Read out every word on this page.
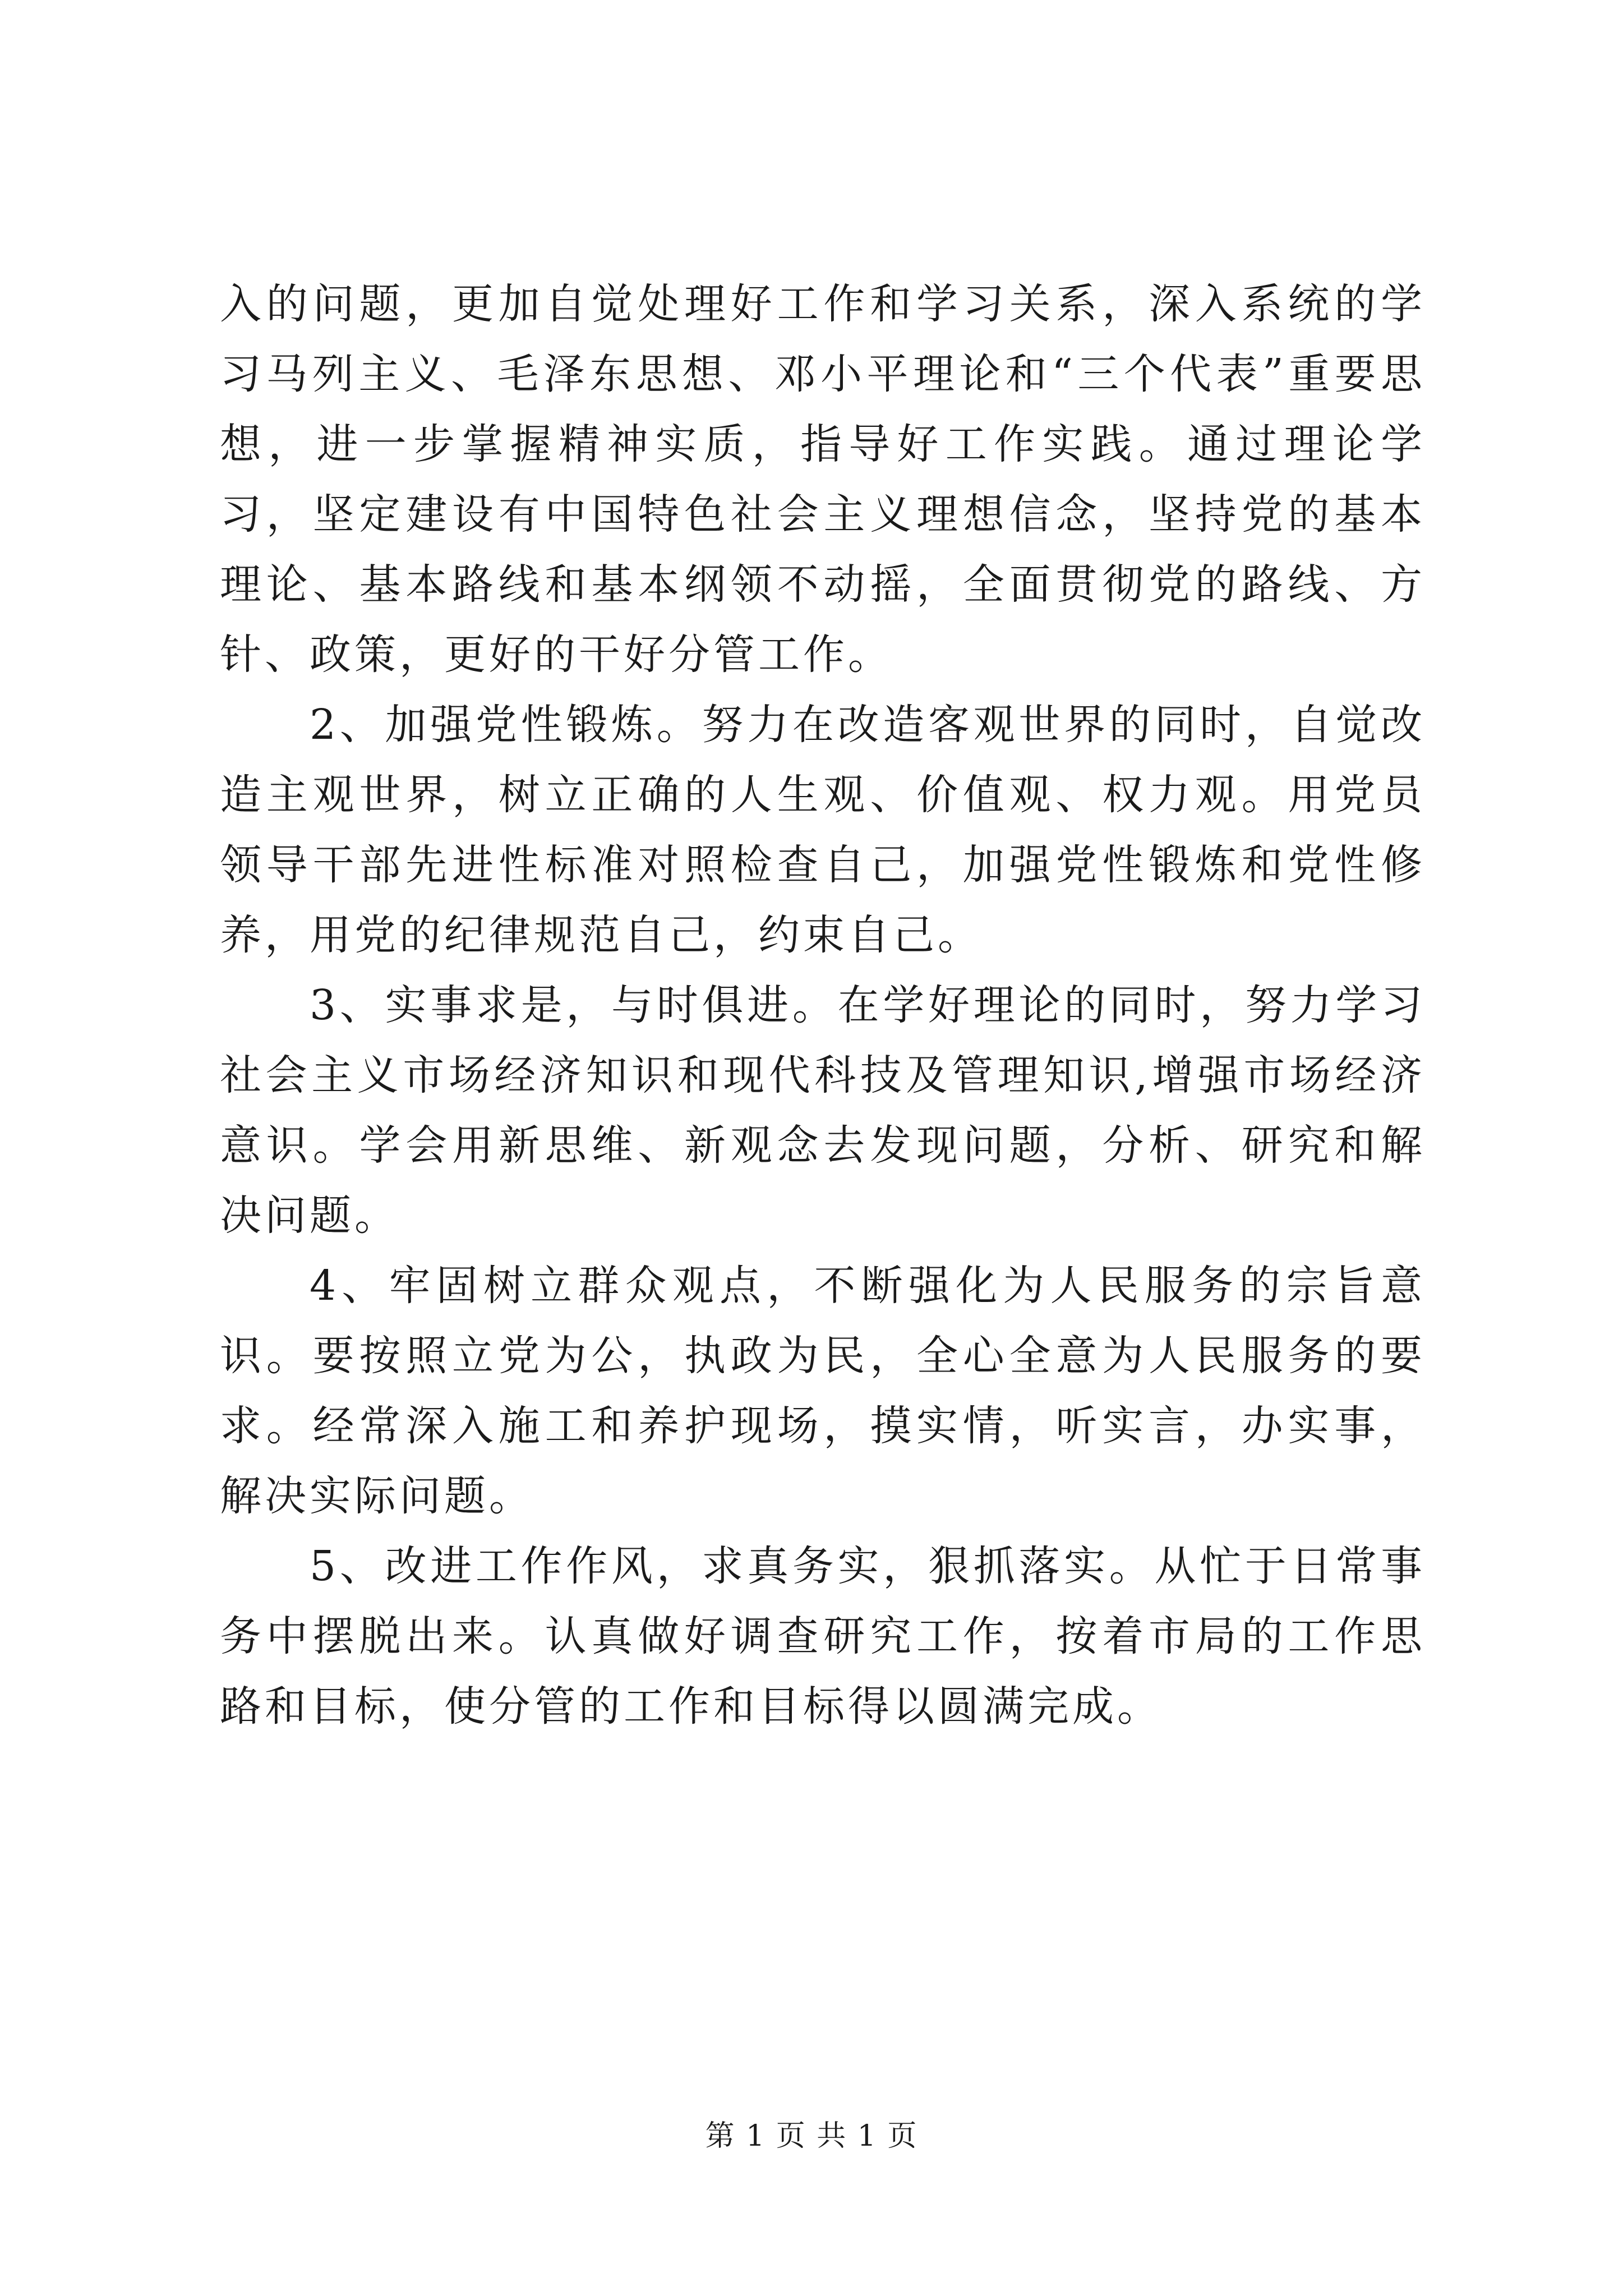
入的问题，更加自觉处理好工作和学习关系，深入系统的学习马列主义、毛泽东思想、邓小平理论和“三个代表”重要思想，进一步掌握精神实质，指导好工作实践。通过理论学习，坚定建设有中国特色社会主义理想信念，坚持党的基本理论、基本路线和基本纲领不动摇，全面贯彻党的路线、方针、政策，更好的干好分管工作。

2、加强党性锻炼。努力在改造客观世界的同时，自觉改造主观世界，树立正确的人生观、价值观、权力观。用党员领导干部先进性标准对照检查自己，加强党性锻炼和党性修养，用党的纪律规范自己，约束自己。

3、实事求是，与时俱进。在学好理论的同时，努力学习社会主义市场经济知识和现代科技及管理知识,增强市场经济意识。学会用新思维、新观念去发现问题，分析、研究和解决问题。

4、牢固树立群众观点，不断强化为人民服务的宗旨意识。要按照立党为公，执政为民，全心全意为人民服务的要求。经常深入施工和养护现场，摸实情，听实言，办实事，解决实际问题。

5、改进工作作风，求真务实，狠抓落实。从忙于日常事务中摆脱出来。认真做好调查研究工作，按着市局的工作思路和目标，使分管的工作和目标得以圆满完成。

第 1 页 共 1 页
